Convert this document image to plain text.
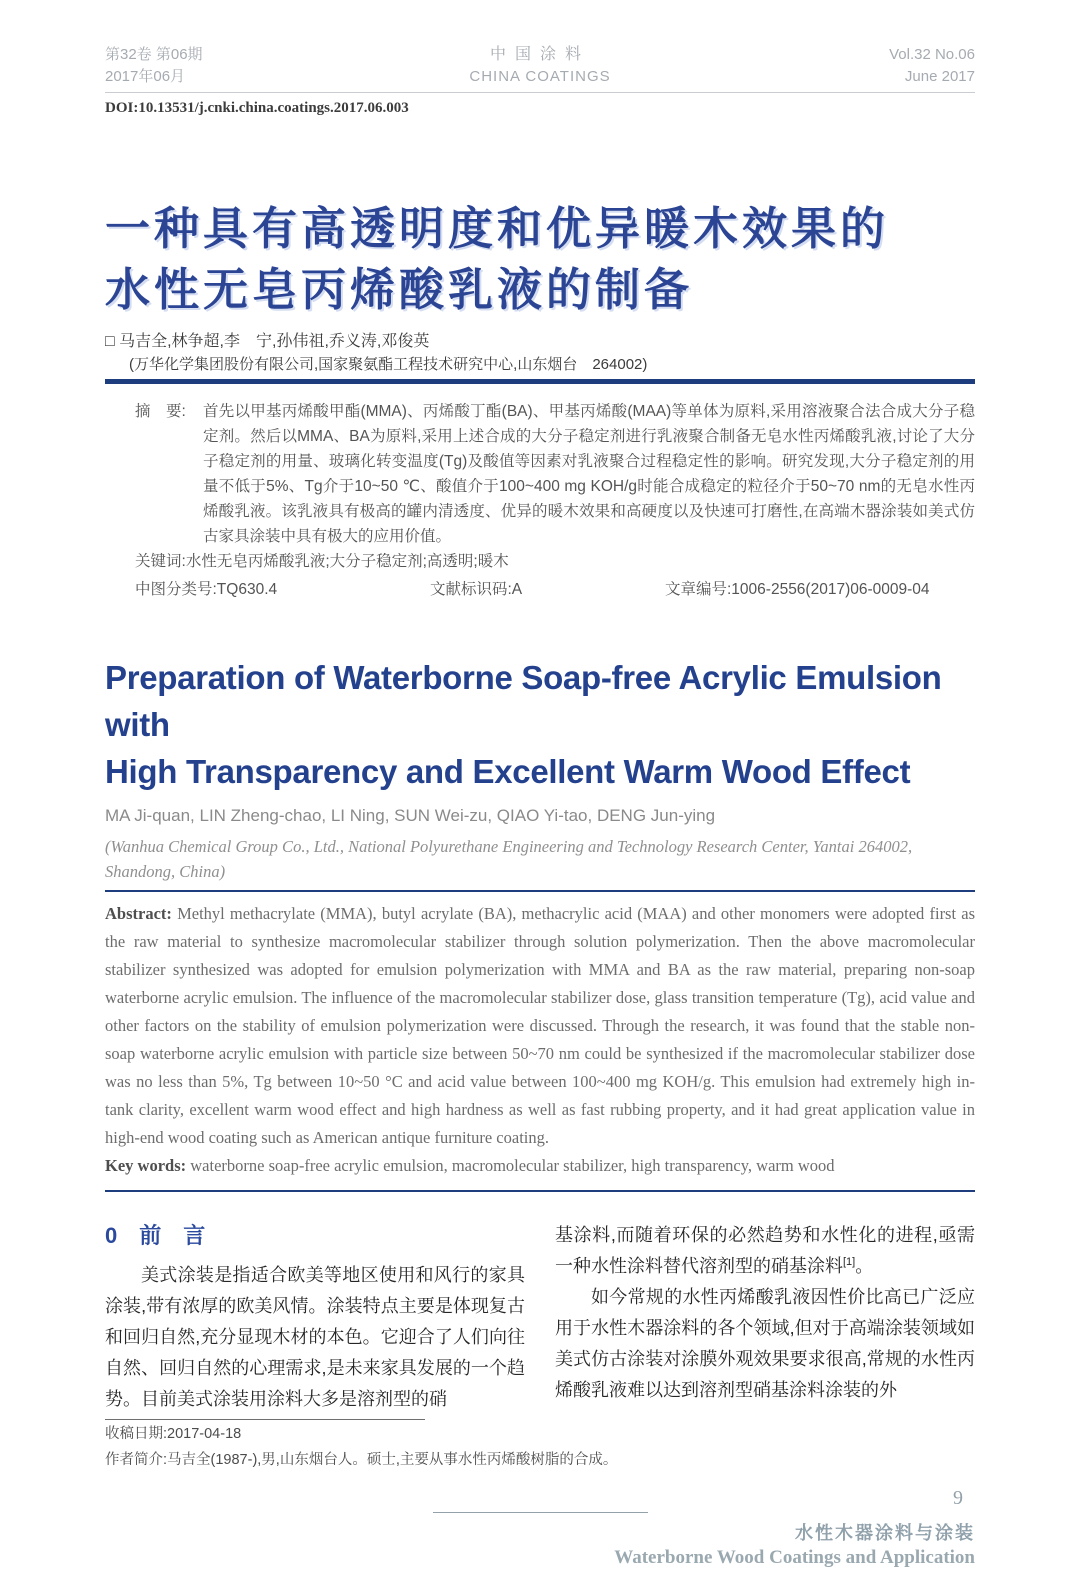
第32卷 第06期
2017年06月
中国涂料
CHINA COATINGS
Vol.32 No.06
June 2017
DOI:10.13531/j.cnki.china.coatings.2017.06.003
一种具有高透明度和优异暖木效果的
水性无皂丙烯酸乳液的制备
□ 马吉全,林争超,李　宁,孙伟祖,乔义涛,邓俊英
(万华化学集团股份有限公司,国家聚氨酯工程技术研究中心,山东烟台　264002)
摘　要:	首先以甲基丙烯酸甲酯(MMA)、丙烯酸丁酯(BA)、甲基丙烯酸(MAA)等单体为原料,采用溶液聚合法合成大分子稳定剂。然后以MMA、BA为原料,采用上述合成的大分子稳定剂进行乳液聚合制备无皂水性丙烯酸乳液,讨论了大分子稳定剂的用量、玻璃化转变温度(Tg)及酸值等因素对乳液聚合过程稳定性的影响。研究发现,大分子稳定剂的用量不低于5%、Tg介于10~50 ℃、酸值介于100~400 mg KOH/g时能合成稳定的粒径介于50~70 nm的无皂水性丙烯酸乳液。该乳液具有极高的罐内清透度、优异的暖木效果和高硬度以及快速可打磨性,在高端木器涂装如美式仿古家具涂装中具有极大的应用价值。
关键词:水性无皂丙烯酸乳液;大分子稳定剂;高透明;暖木
中图分类号:TQ630.4	文献标识码:A	文章编号:1006-2556(2017)06-0009-04
Preparation of Waterborne Soap-free Acrylic Emulsion with
High Transparency and Excellent Warm Wood Effect
MA Ji-quan, LIN Zheng-chao, LI Ning, SUN Wei-zu, QIAO Yi-tao, DENG Jun-ying
(Wanhua Chemical Group Co., Ltd., National Polyurethane Engineering and Technology Research Center, Yantai 264002, Shandong, China)

Abstract: Methyl methacrylate (MMA), butyl acrylate (BA), methacrylic acid (MAA) and other monomers were adopted first as the raw material to synthesize macromolecular stabilizer through solution polymerization. Then the above macromolecular stabilizer synthesized was adopted for emulsion polymerization with MMA and BA as the raw material, preparing non-soap waterborne acrylic emulsion. The influence of the macromolecular stabilizer dose, glass transition temperature (Tg), acid value and other factors on the stability of emulsion polymerization were discussed. Through the research, it was found that the stable non-soap waterborne acrylic emulsion with particle size between 50~70 nm could be synthesized if the macromolecular stabilizer dose was no less than 5%, Tg between 10~50 °C and acid value between 100~400 mg KOH/g. This emulsion had extremely high in-tank clarity, excellent warm wood effect and high hardness as well as fast rubbing property, and it had great application value in high-end wood coating such as American antique furniture coating.

Key words: waterborne soap-free acrylic emulsion, macromolecular stabilizer, high transparency, warm wood

0　前　言

美式涂装是指适合欧美等地区使用和风行的家具涂装,带有浓厚的欧美风情。涂装特点主要是体现复古和回归自然,充分显现木材的本色。它迎合了人们向往自然、回归自然的心理需求,是未来家具发展的一个趋势。目前美式涂装用涂料大多是溶剂型的硝

基涂料,而随着环保的必然趋势和水性化的进程,亟需一种水性涂料替代溶剂型的硝基涂料[1]。

如今常规的水性丙烯酸乳液因性价比高已广泛应用于水性木器涂料的各个领域,但对于高端涂装领域如美式仿古涂装对涂膜外观效果要求很高,常规的水性丙烯酸乳液难以达到溶剂型硝基涂料涂装的外

收稿日期:2017-04-18
作者简介:马吉全(1987-),男,山东烟台人。硕士,主要从事水性丙烯酸树脂的合成。
9
水性木器涂料与涂装
Waterborne Wood Coatings and Application
